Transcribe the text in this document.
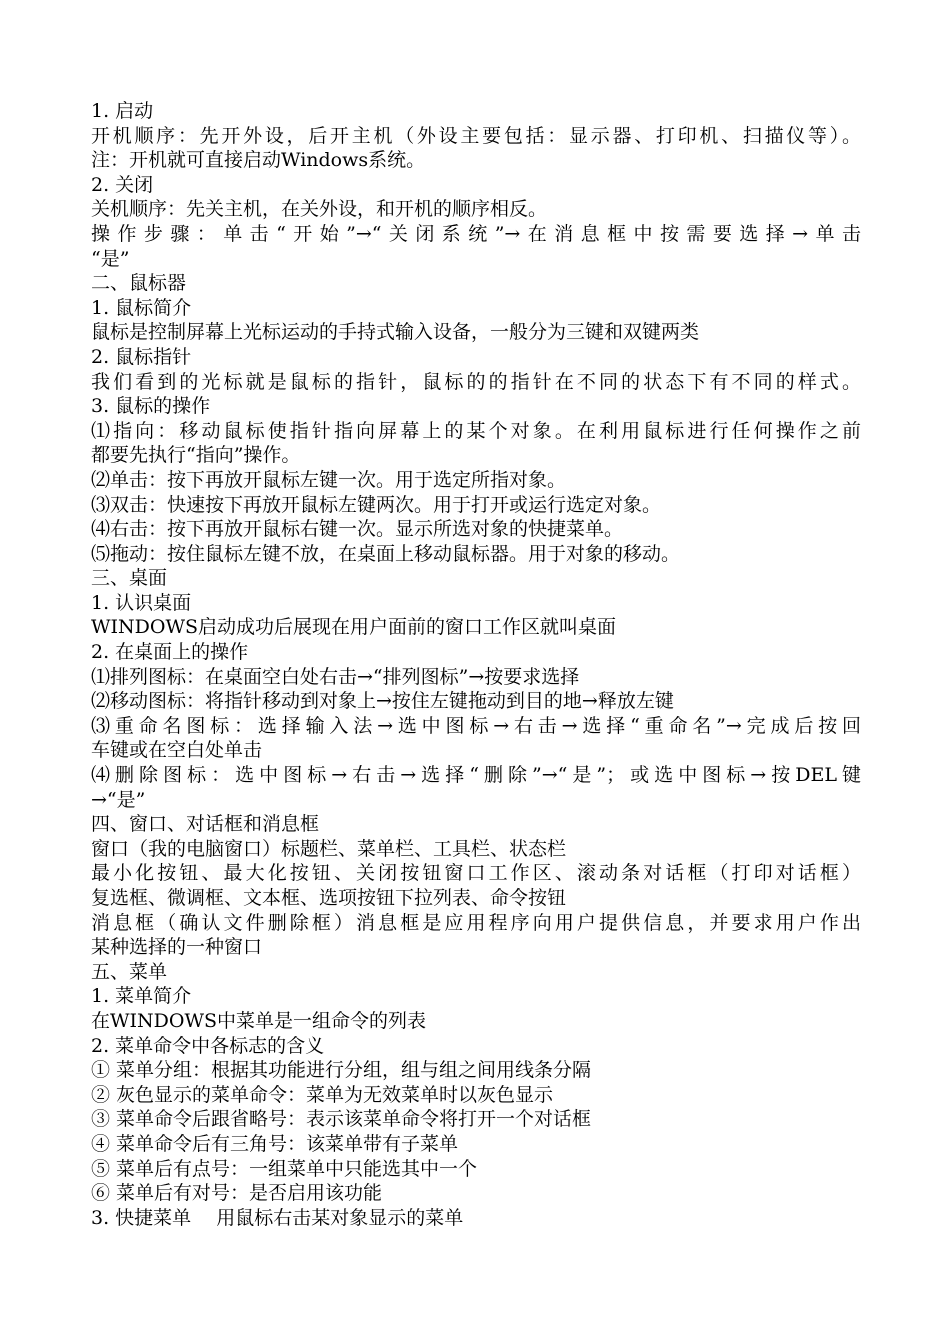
1. 启动

开机顺序：先开外设，后开主机（外设主要包括：显示器、打印机、扫描仪等）。

注：开机就可直接启动Windows系统。

2. 关闭

关机顺序：先关主机，在关外设，和开机的顺序相反。

操作步骤：单击“开始”→“关闭系统”→在消息框中按需要选择→单击

“是”

二、鼠标器

1. 鼠标简介

鼠标是控制屏幕上光标运动的手持式输入设备，一般分为三键和双键两类

2. 鼠标指针

我们看到的光标就是鼠标的指针，鼠标的的指针在不同的状态下有不同的样式。

3. 鼠标的操作

⑴指向：移动鼠标使指针指向屏幕上的某个对象。在利用鼠标进行任何操作之前

都要先执行“指向”操作。

⑵单击：按下再放开鼠标左键一次。用于选定所指对象。

⑶双击：快速按下再放开鼠标左键两次。用于打开或运行选定对象。

⑷右击：按下再放开鼠标右键一次。显示所选对象的快捷菜单。

⑸拖动：按住鼠标左键不放，在桌面上移动鼠标器。用于对象的移动。

三、桌面

1. 认识桌面

WINDOWS启动成功后展现在用户面前的窗口工作区就叫桌面

2. 在桌面上的操作

⑴排列图标：在桌面空白处右击→“排列图标”→按要求选择

⑵移动图标：将指针移动到对象上→按住左键拖动到目的地→释放左键

⑶重命名图标：选择输入法→选中图标→右击→选择“重命名”→完成后按回

车键或在空白处单击

⑷删除图标：选中图标→右击→选择“删除”→“是”；或选中图标→按DEL键

→“是”

四、窗口、对话框和消息框

窗口（我的电脑窗口）标题栏、菜单栏、工具栏、状态栏

最小化按钮、最大化按钮、关闭按钮窗口工作区、滚动条对话框（打印对话框）

复选框、微调框、文本框、选项按钮下拉列表、命令按钮

消息框（确认文件删除框）消息框是应用程序向用户提供信息，并要求用户作出

某种选择的一种窗口

五、菜单

1. 菜单简介

在WINDOWS中菜单是一组命令的列表

2. 菜单命令中各标志的含义

① 菜单分组：根据其功能进行分组，组与组之间用线条分隔

② 灰色显示的菜单命令：菜单为无效菜单时以灰色显示

③ 菜单命令后跟省略号：表示该菜单命令将打开一个对话框

④ 菜单命令后有三角号：该菜单带有子菜单

⑤ 菜单后有点号：一组菜单中只能选其中一个

⑥ 菜单后有对号：是否启用该功能

3. 快捷菜单　 用鼠标右击某对象显示的菜单
